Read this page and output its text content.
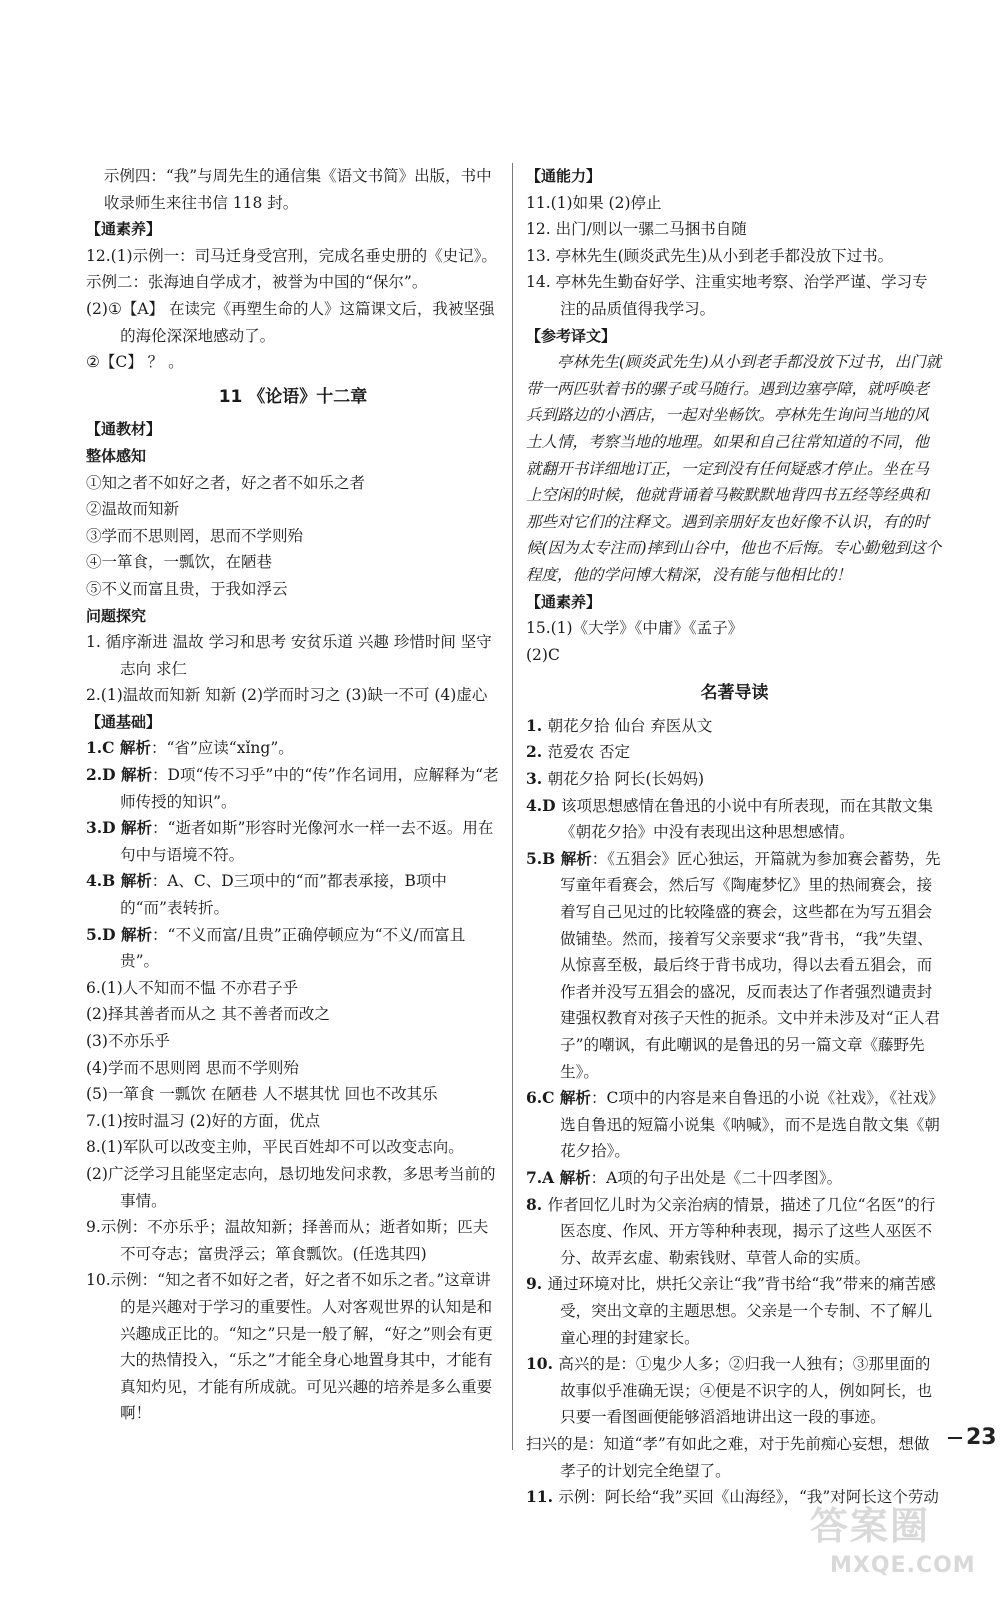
示例四：“我”与周先生的通信集《语文书简》出版，书中收录师生来往书信 118 封。

【通素养】

12.(1)示例一：司马迁身受宫刑，完成名垂史册的《史记》。

示例二：张海迪自学成才，被誉为中国的“保尔”。

(2)①【A】 在读完《再塑生命的人》这篇课文后，我被坚强的海伦深深地感动了。

②【C】 ？ 。

11 《论语》十二章
【通教材】
整体感知

①知之者不如好之者，好之者不如乐之者

②温故而知新

③学而不思则罔，思而不学则殆

④一箪食，一瓢饮，在陋巷

⑤不义而富且贵，于我如浮云

问题探究

1. 循序渐进 温故 学习和思考 安贫乐道 兴趣 珍惜时间 坚守志向 求仁

2.(1)温故而知新 知新 (2)学而时习之 (3)缺一不可 (4)虚心

【通基础】

1.C 解析：“省”应读“xǐng”。

2.D 解析：D项“传不习乎”中的“传”作名词用，应解释为“老师传授的知识”。

3.D 解析：“逝者如斯”形容时光像河水一样一去不返。用在句中与语境不符。

4.B 解析：A、C、D三项中的“而”都表承接，B项中的“而”表转折。

5.D 解析：“不义而富/且贵”正确停顿应为“不义/而富且贵”。

6.(1)人不知而不愠 不亦君子乎

(2)择其善者而从之 其不善者而改之

(3)不亦乐乎

(4)学而不思则罔 思而不学则殆

(5)一箪食 一瓢饮 在陋巷 人不堪其忧 回也不改其乐

7.(1)按时温习 (2)好的方面，优点

8.(1)军队可以改变主帅，平民百姓却不可以改变志向。

(2)广泛学习且能坚定志向，恳切地发问求教，多思考当前的事情。

9.示例：不亦乐乎；温故知新；择善而从；逝者如斯；匹夫不可夺志；富贵浮云；箪食瓢饮。(任选其四)

10.示例：“知之者不如好之者，好之者不如乐之者。”这章讲的是兴趣对于学习的重要性。人对客观世界的认知是和兴趣成正比的。“知之”只是一般了解，“好之”则会有更大的热情投入，“乐之”才能全身心地置身其中，才能有真知灼见，才能有所成就。可见兴趣的培养是多么重要啊！

【通能力】

11.(1)如果 (2)停止

12. 出门/则以一骡二马捆书自随

13. 亭林先生(顾炎武先生)从小到老手都没放下过书。

14. 亭林先生勤奋好学、注重实地考察、治学严谨、学习专注的品质值得我学习。

【参考译文】

亭林先生(顾炎武先生)从小到老手都没放下过书，出门就带一两匹驮着书的骡子或马随行。遇到边塞亭障，就呼唤老兵到路边的小酒店，一起对坐畅饮。亭林先生询问当地的风土人情，考察当地的地理。如果和自己往常知道的不同，他就翻开书详细地订正，一定到没有任何疑惑才停止。坐在马上空闲的时候，他就背诵着马鞍默默地背四书五经等经典和那些对它们的注释文。遇到亲朋好友也好像不认识，有的时候(因为太专注而)摔到山谷中，他也不后悔。专心勤勉到这个程度，他的学问博大精深，没有能与他相比的！

【通素养】

15.(1)《大学》《中庸》《孟子》

(2)C

名著导读

1. 朝花夕拾 仙台 弃医从文

2. 范爱农 否定

3. 朝花夕拾 阿长(长妈妈)

4.D 该项思想感情在鲁迅的小说中有所表现，而在其散文集《朝花夕拾》中没有表现出这种思想感情。

5.B 解析：《五猖会》匠心独运，开篇就为参加赛会蓄势，先写童年看赛会，然后写《陶庵梦忆》里的热闹赛会，接着写自己见过的比较隆盛的赛会，这些都在为写五猖会做铺垫。然而，接着写父亲要求“我”背书，“我”失望、从惊喜至极，最后终于背书成功，得以去看五猖会，而作者并没写五猖会的盛况，反而表达了作者强烈谴责封建强权教育对孩子天性的扼杀。文中并未涉及对“正人君子”的嘲讽，有此嘲讽的是鲁迅的另一篇文章《藤野先生》。

6.C 解析：C项中的内容是来自鲁迅的小说《社戏》，《社戏》选自鲁迅的短篇小说集《呐喊》，而不是选自散文集《朝花夕拾》。

7.A 解析：A项的句子出处是《二十四孝图》。

8. 作者回忆儿时为父亲治病的情景，描述了几位“名医”的行医态度、作风、开方等种种表现，揭示了这些人巫医不分、故弄玄虚、勒索钱财、草菅人命的实质。

9. 通过环境对比，烘托父亲让“我”背书给“我”带来的痛苦感受，突出文章的主题思想。父亲是一个专制、不了解儿童心理的封建家长。

10. 高兴的是：①鬼少人多；②归我一人独有；③那里面的故事似乎准确无误；④便是不识字的人，例如阿长，也只要一看图画便能够滔滔地讲出这一段的事迹。

扫兴的是：知道“孝”有如此之难，对于先前痴心妄想，想做孝子的计划完全绝望了。

11. 示例：阿长给“我”买回《山海经》，“我”对阿长这个劳动

23
答案圈
MXQE.COM
